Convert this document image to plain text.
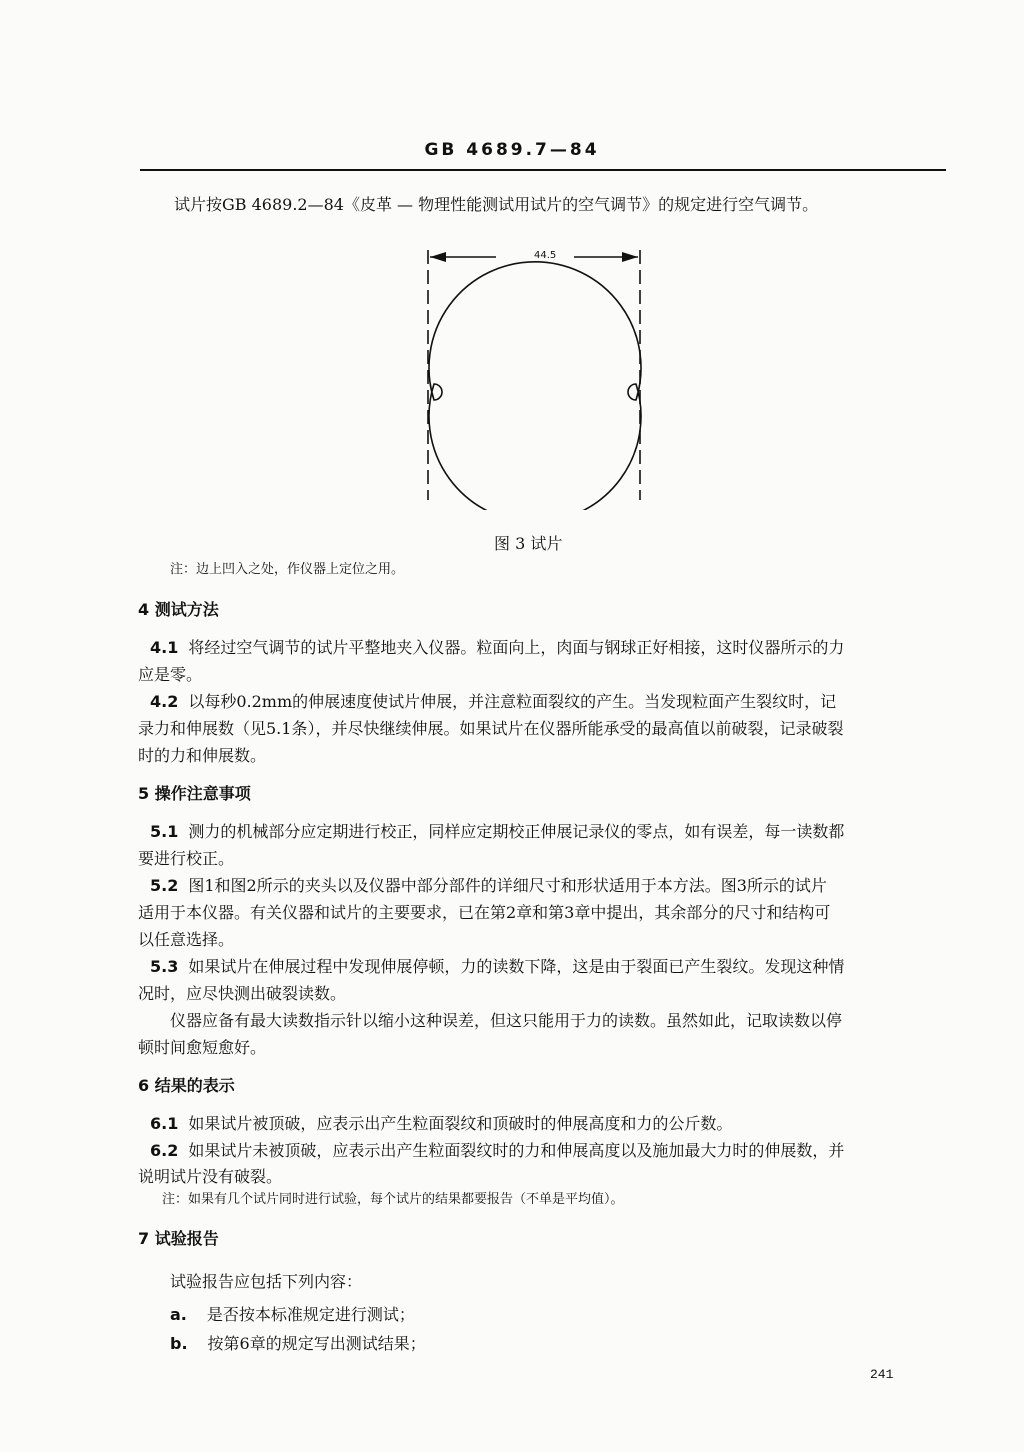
GB 4689.7—84
试片按GB 4689.2—84《皮革 — 物理性能测试用试片的空气调节》的规定进行空气调节。
44.5
图 3 试片
注：边上凹入之处，作仪器上定位之用。
4 测试方法
4.1 将经过空气调节的试片平整地夹入仪器。粒面向上，肉面与钢球正好相接，这时仪器所示的力
应是零。
4.2 以每秒0.2mm的伸展速度使试片伸展，并注意粒面裂纹的产生。当发现粒面产生裂纹时，记
录力和伸展数（见5.1条），并尽快继续伸展。如果试片在仪器所能承受的最高值以前破裂，记录破裂
时的力和伸展数。
5 操作注意事项
5.1 测力的机械部分应定期进行校正，同样应定期校正伸展记录仪的零点，如有误差，每一读数都
要进行校正。
5.2 图1和图2所示的夹头以及仪器中部分部件的详细尺寸和形状适用于本方法。图3所示的试片
适用于本仪器。有关仪器和试片的主要要求，已在第2章和第3章中提出，其余部分的尺寸和结构可
以任意选择。
5.3 如果试片在伸展过程中发现伸展停顿，力的读数下降，这是由于裂面已产生裂纹。发现这种情
况时，应尽快测出破裂读数。
仪器应备有最大读数指示针以缩小这种误差，但这只能用于力的读数。虽然如此，记取读数以停
顿时间愈短愈好。
6 结果的表示
6.1 如果试片被顶破，应表示出产生粒面裂纹和顶破时的伸展高度和力的公斤数。
6.2 如果试片未被顶破，应表示出产生粒面裂纹时的力和伸展高度以及施加最大力时的伸展数，并
说明试片没有破裂。
注：如果有几个试片同时进行试验，每个试片的结果都要报告（不单是平均值）。
7 试验报告
试验报告应包括下列内容：
a. 是否按本标准规定进行测试；
b. 按第6章的规定写出测试结果；
241
